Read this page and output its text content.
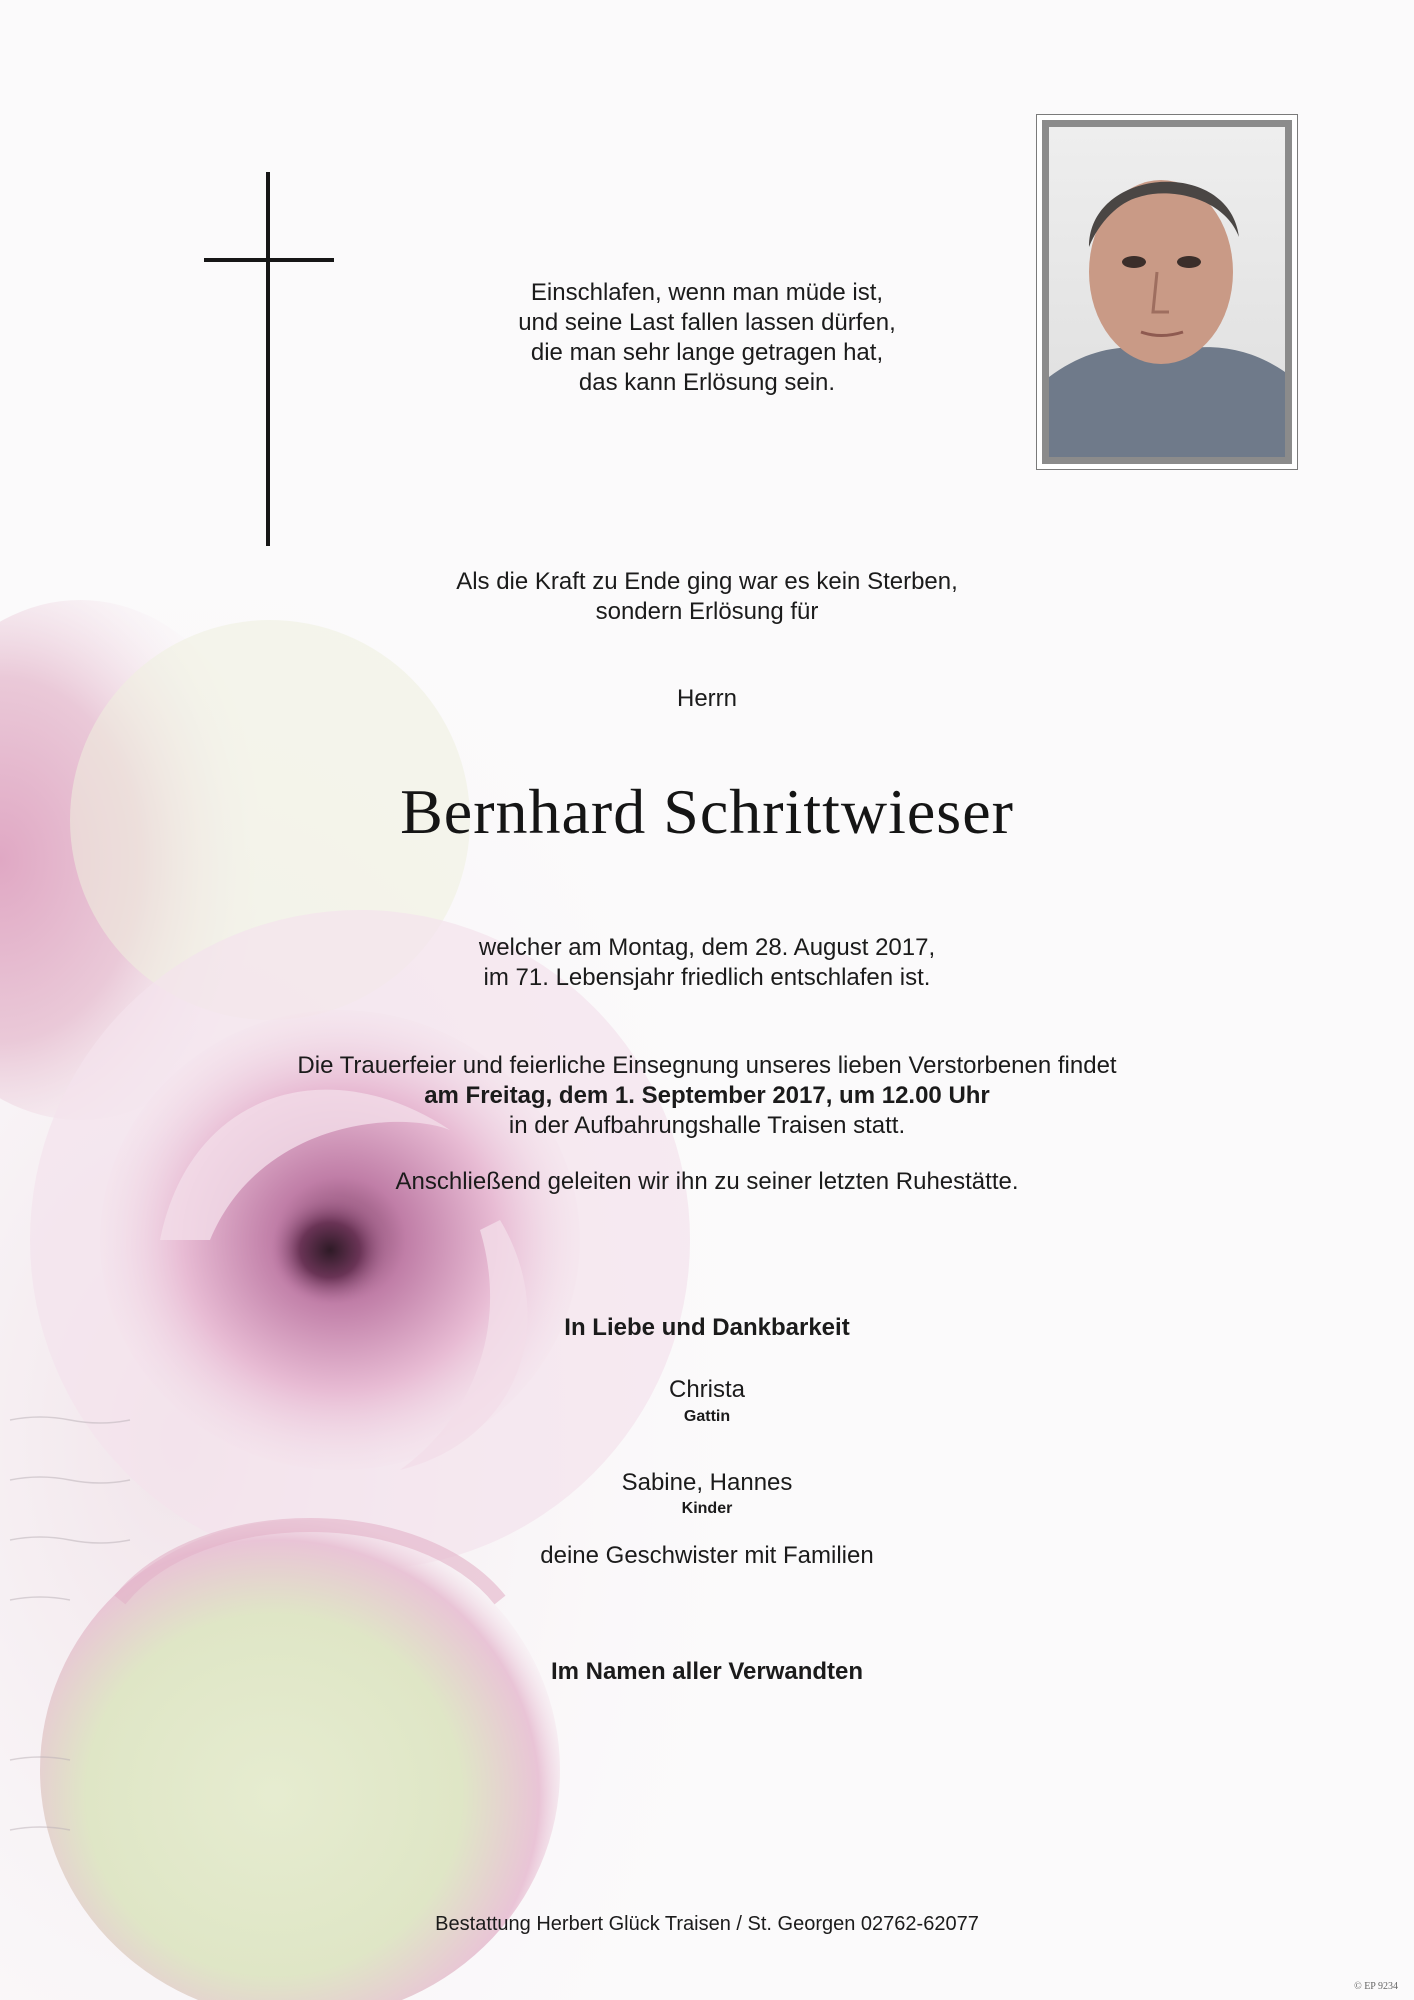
Einschlafen, wenn man müde ist,
und seine Last fallen lassen dürfen,
die man sehr lange getragen hat,
das kann Erlösung sein.
Als die Kraft zu Ende ging war es kein Sterben,
sondern Erlösung für
Herrn
Bernhard Schrittwieser
welcher am Montag, dem 28. August 2017,
im 71. Lebensjahr friedlich entschlafen ist.
Die Trauerfeier und feierliche Einsegnung unseres lieben Verstorbenen findet
am Freitag, dem 1. September 2017, um 12.00 Uhr
in der Aufbahrungshalle Traisen statt.
Anschließend geleiten wir ihn zu seiner letzten Ruhestätte.
In Liebe und Dankbarkeit
Christa
Gattin
Sabine, Hannes
Kinder
deine Geschwister mit Familien
Im Namen aller Verwandten
Bestattung Herbert Glück Traisen / St. Georgen 02762-62077
© EP 9234
